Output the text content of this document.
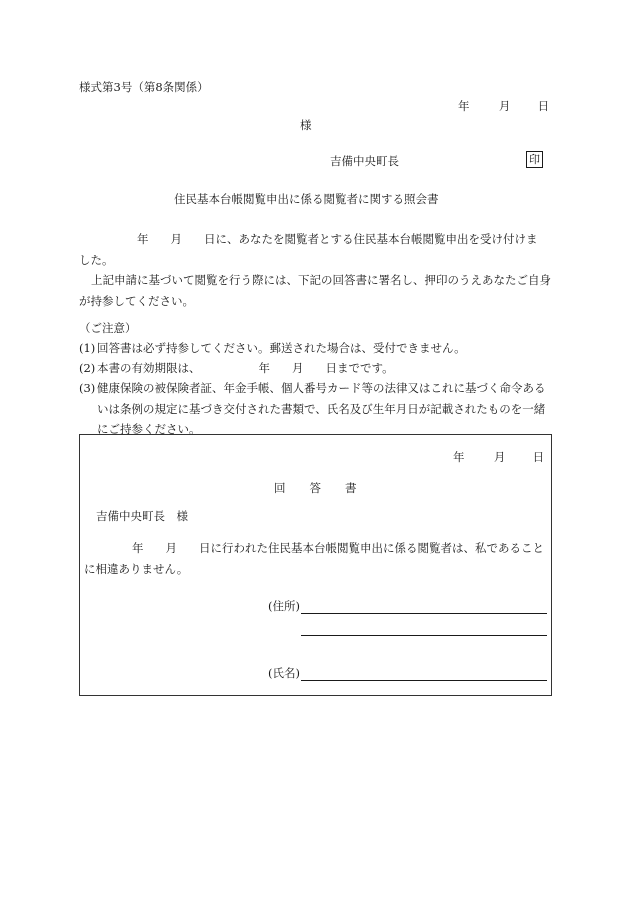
様式第3号（第8条関係）
年	月 日
様
吉備中央町長	印
住民基本台帳閲覧申出に係る閲覧者に関する照会書
年 月 日に、あなたを閲覧者とする住民基本台帳閲覧申出を受け付けま
した。
上記申請に基づいて閲覧を行う際には、下記の回答書に署名し、押印のうえあなたご自身が持参してください。
（ご注意）
(1) 回答書は必ず持参してください。郵送された場合は、受付できません。
(2) 本書の有効期限は、	年 月 日までです。
(3) 健康保険の被保険者証、年金手帳、個人番号カード等の法律又はこれに基づく命令あるいは条例の規定に基づき交付された書類で、氏名及び生年月日が記載されたものを一緒にご持参ください。
年	月 日
回 答 書
吉備中央町長　様
年 月 日に行われた住民基本台帳閲覧申出に係る閲覧者は、私であること
に相違ありません。
(住所)
(氏名)
